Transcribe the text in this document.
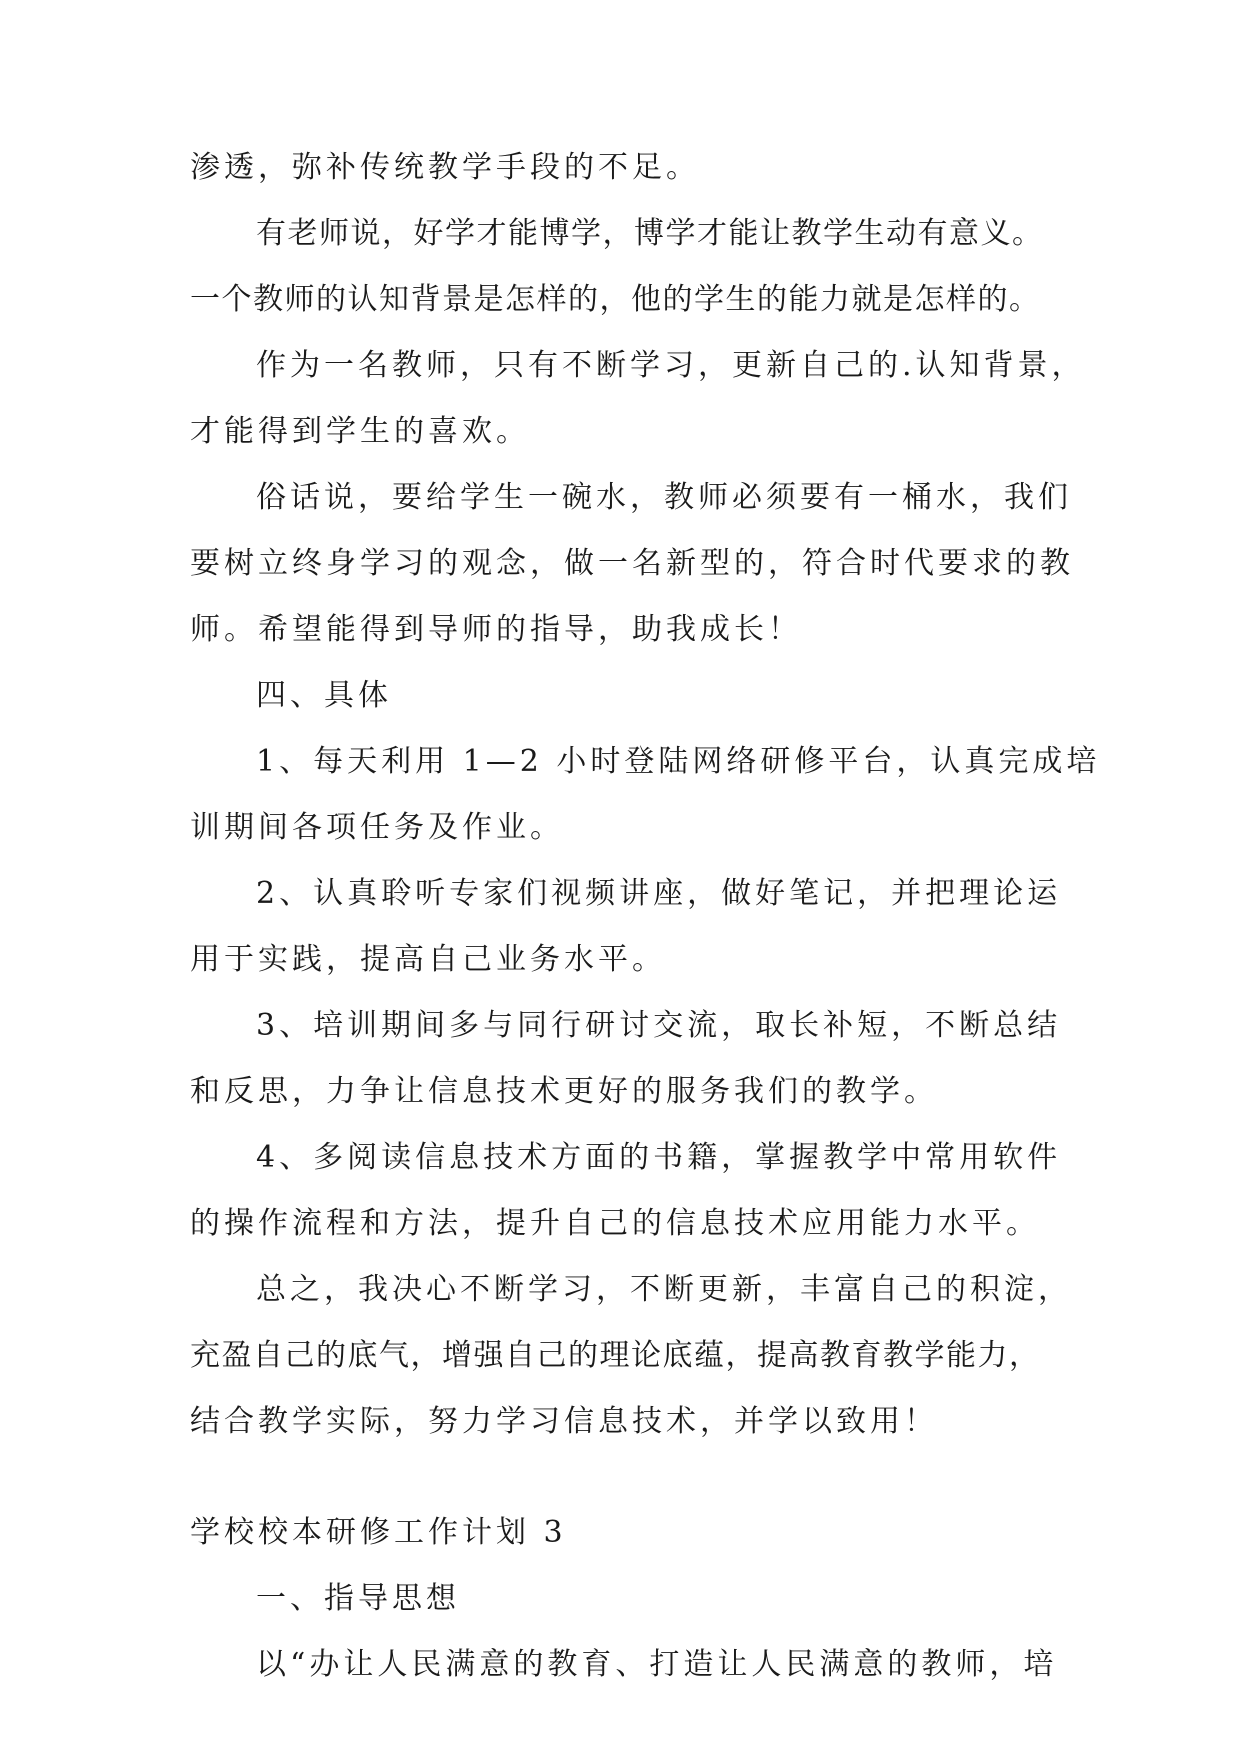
渗透，弥补传统教学手段的不足。
有老师说，好学才能博学，博学才能让教学生动有意义。
一个教师的认知背景是怎样的，他的学生的能力就是怎样的。
作为一名教师，只有不断学习，更新自己的.认知背景，
才能得到学生的喜欢。
俗话说，要给学生一碗水，教师必须要有一桶水，我们
要树立终身学习的观念，做一名新型的，符合时代要求的教
师。希望能得到导师的指导，助我成长！
四、具体
1、每天利用 1—2 小时登陆网络研修平台，认真完成培
训期间各项任务及作业。
2、认真聆听专家们视频讲座，做好笔记，并把理论运
用于实践，提高自己业务水平。
3、培训期间多与同行研讨交流，取长补短，不断总结
和反思，力争让信息技术更好的服务我们的教学。
4、多阅读信息技术方面的书籍，掌握教学中常用软件
的操作流程和方法，提升自己的信息技术应用能力水平。
总之，我决心不断学习，不断更新，丰富自己的积淀，
充盈自己的底气，增强自己的理论底蕴，提高教育教学能力，
结合教学实际，努力学习信息技术，并学以致用！
学校校本研修工作计划 3
一、指导思想
以“办让人民满意的教育、打造让人民满意的教师，培
